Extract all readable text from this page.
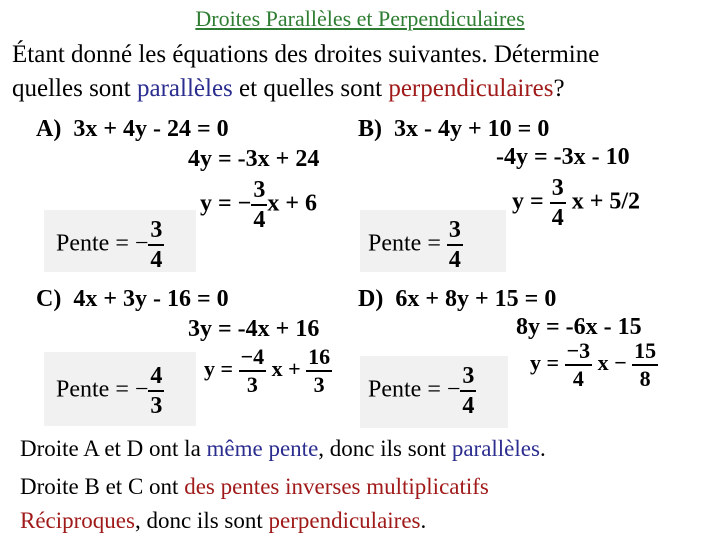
Droites Parallèles et Perpendiculaires
Étant donné les équations des droites suivantes. Détermine
quelles sont parallèles et quelles sont perpendiculaires?
A) 3x + 4y - 24 = 0
4y = -3x + 24
y = − $\frac{3}{4}$ x + 6
Pente = − $\frac{3}{4}$
B) 3x - 4y + 10 = 0
-4y = -3x - 10
$y = \frac{3}{4}$ x + 5/2
Pente = $\frac{3}{4}$
C) 4x + 3y - 16 = 0
3y = -4x + 16
Pente = − $\frac{4}{3}$ $y = \frac{-4}{3}$ $x + \frac{16}{3}$
D) 6x + 8y + 15 = 0
8y = -6x - 15
Pente = − $\frac{3}{4}$
$y = \frac{-3}{4}$ $x - \frac{15}{8}$
Droite A et D ont la même pente, donc ils sont parallèles.
Droite B et C ont des pentes inverses multiplicatifs
Réciproques, donc ils sont perpendiculaires.
